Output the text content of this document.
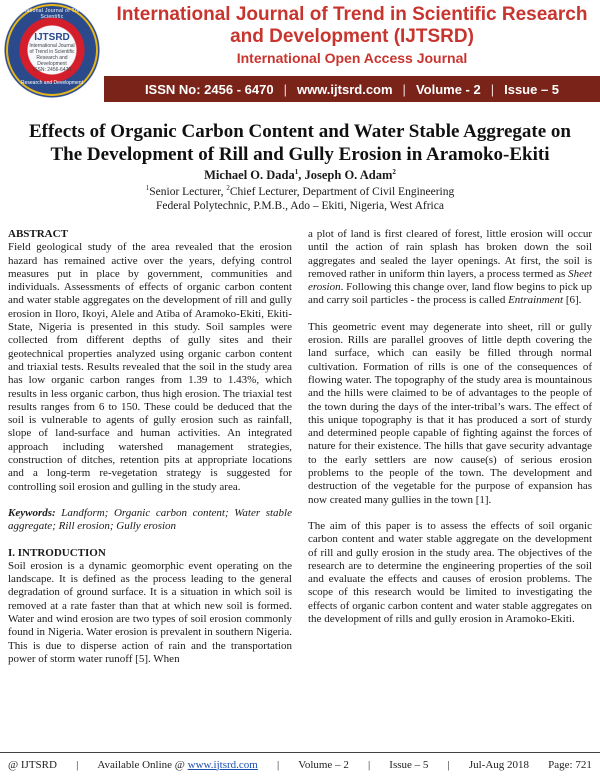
International Journal of Trend in Scientific
IJTSRD
International Journal
of Trend in Scientific
Research and Development
ISSN: 2456-6470
Research and Development
International Journal of Trend in Scientific Research and Development (IJTSRD)
International Open Access Journal
ISSN No: 2456 - 6470 | www.ijtsrd.com | Volume - 2 | Issue – 5
Effects of Organic Carbon Content and Water Stable Aggregate on The Development of Rill and Gully Erosion in Aramoko-Ekiti
Michael O. Dada$^1$, Joseph O. Adam$^2$
$^1$Senior Lecturer, $^2$Chief Lecturer, Department of Civil Engineering
Federal Polytechnic, P.M.B., Ado – Ekiti, Nigeria, West Africa
ABSTRACT

Field geological study of the area revealed that the erosion hazard has remained active over the years, defying control measures put in place by government, communities and individuals. Assessments of effects of organic carbon content and water stable aggregates on the development of rill and gully erosion in Iloro, Ikoyi, Alele and Atiba of Aramoko-Ekiti, Ekiti-State, Nigeria is presented in this study. Soil samples were collected from different depths of gully sites and their geotechnical properties analyzed using organic carbon content and triaxial tests. Results revealed that the soil in the study area has low organic carbon ranges from 1.39 to 1.43%, which results in less organic carbon, thus high erosion. The triaxial test results ranges from 6 to 150. These could be deduced that the soil is vulnerable to agents of gully erosion such as rainfall, slope of land-surface and human activities. An integrated approach including watershed management strategies, construction of ditches, retention pits at appropriate locations and a long-term re-vegetation strategy is suggested for controlling soil erosion and gulling in the study area.

Keywords: Landform; Organic carbon content; Water stable aggregate; Rill erosion; Gully erosion

I. INTRODUCTION

Soil erosion is a dynamic geomorphic event operating on the landscape. It is defined as the process leading to the general degradation of ground surface. It is a situation in which soil is removed at a rate faster than that at which new soil is formed. Water and wind erosion are two types of soil erosion commonly found in Nigeria. Water erosion is prevalent in southern Nigeria. This is due to disperse action of rain and the transportation power of storm water runoff [5]. When

a plot of land is first cleared of forest, little erosion will occur until the action of rain splash has broken down the soil aggregates and sealed the layer openings. At first, the soil is removed rather in uniform thin layers, a process termed as Sheet erosion. Following this change over, land flow begins to pick up and carry soil particles - the process is called Entrainment [6].

This geometric event may degenerate into sheet, rill or gully erosion. Rills are parallel grooves of little depth covering the land surface, which can easily be filled through normal cultivation. Formation of rills is one of the consequences of flowing water. The topography of the study area is mountainous and the hills were claimed to be of advantages to the people of the town during the days of the inter-tribal’s wars. The effect of this unique topography is that it has produced a sort of sturdy and determined people capable of fighting against the forces of nature for their existence. The hills that gave security advantage to the early settlers are now cause(s) of serious erosion problems to the people of the town. The development and destruction of the vegetable for the purpose of expansion has now created many gullies in the town [1].

The aim of this paper is to assess the effects of soil organic carbon content and water stable aggregate on the development of rill and gully erosion in the study area. The objectives of the research are to determine the engineering properties of the soil and evaluate the effects and causes of erosion problems. The scope of this research would be limited to investigating the effects of organic carbon content and water stable aggregates on the development of rills and gully erosion in Aramoko-Ekiti.

@ IJTSRD | Available Online @ www.ijtsrd.com | Volume – 2 | Issue – 5 | Jul-Aug 2018 Page: 721
